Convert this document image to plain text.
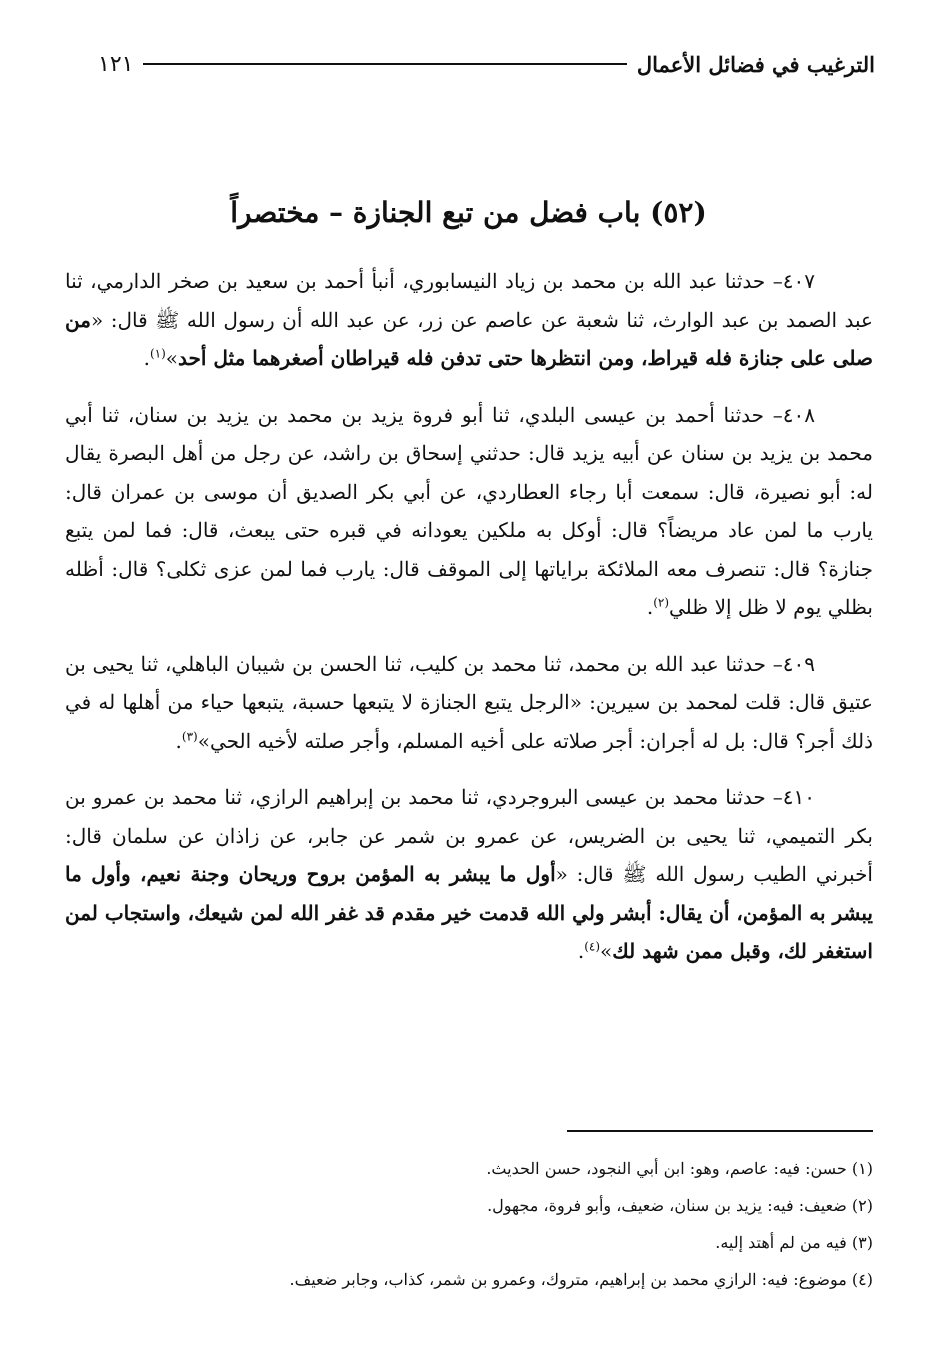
الترغيب في فضائل الأعمال
١٢١
(٥٢) باب فضل من تبع الجنازة – مختصراً

٤٠٧– حدثنا عبد الله بن محمد بن زياد النيسابوري، أنبأ أحمد بن سعيد بن صخر الدارمي، ثنا عبد الصمد بن عبد الوارث، ثنا شعبة عن عاصم عن زر، عن عبد الله أن رسول الله ﷺ قال: «من صلى على جنازة فله قيراط، ومن انتظرها حتى تدفن فله قيراطان أصغرهما مثل أحد»$^{(١)}$.

٤٠٨– حدثنا أحمد بن عيسى البلدي، ثنا أبو فروة يزيد بن محمد بن يزيد بن سنان، ثنا أبي محمد بن يزيد بن سنان عن أبيه يزيد قال: حدثني إسحاق بن راشد، عن رجل من أهل البصرة يقال له: أبو نصيرة، قال: سمعت أبا رجاء العطاردي، عن أبي بكر الصديق أن موسى بن عمران قال: يارب ما لمن عاد مريضاً؟ قال: أوكل به ملكين يعودانه في قبره حتى يبعث، قال: فما لمن يتبع جنازة؟ قال: تنصرف معه الملائكة براياتها إلى الموقف قال: يارب فما لمن عزى ثكلى؟ قال: أظله بظلي يوم لا ظل إلا ظلي$^{(٢)}$.

٤٠٩– حدثنا عبد الله بن محمد، ثنا محمد بن كليب، ثنا الحسن بن شيبان الباهلي، ثنا يحيى بن عتيق قال: قلت لمحمد بن سيرين: «الرجل يتبع الجنازة لا يتبعها حسبة، يتبعها حياء من أهلها له في ذلك أجر؟ قال: بل له أجران: أجر صلاته على أخيه المسلم، وأجر صلته لأخيه الحي»$^{(٣)}$.

٤١٠– حدثنا محمد بن عيسى البروجردي، ثنا محمد بن إبراهيم الرازي، ثنا محمد بن عمرو بن بكر التميمي، ثنا يحيى بن الضريس، عن عمرو بن شمر عن جابر، عن زاذان عن سلمان قال: أخبرني الطيب رسول الله ﷺ قال: «أول ما يبشر به المؤمن بروح وريحان وجنة نعيم، وأول ما يبشر به المؤمن، أن يقال: أبشر ولي الله قدمت خير مقدم قد غفر الله لمن شيعك، واستجاب لمن استغفر لك، وقبل ممن شهد لك»$^{(٤)}$.

(١) حسن: فيه: عاصم، وهو: ابن أبي النجود، حسن الحديث.

(٢) ضعيف: فيه: يزيد بن سنان، ضعيف، وأبو فروة، مجهول.

(٣) فيه من لم أهتد إليه.

(٤) موضوع: فيه: الرازي محمد بن إبراهيم، متروك، وعمرو بن شمر، كذاب، وجابر ضعيف.
